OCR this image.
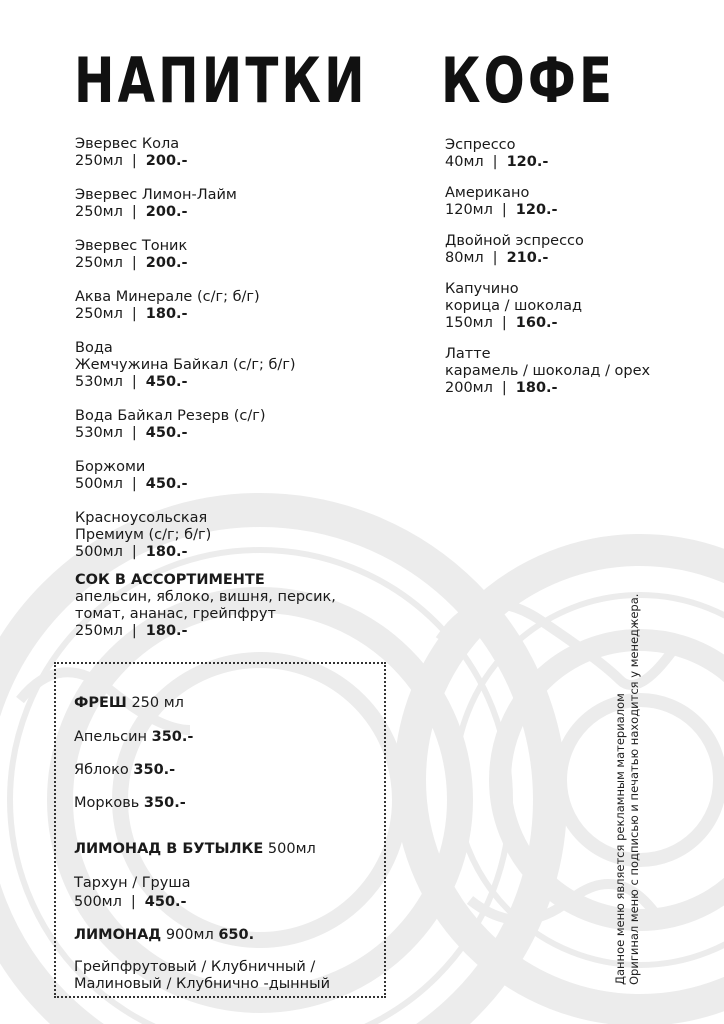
НАПИТКИ КОФЕ
Эвервес Кола
250мл | 200.-
Эвервес Лимон-Лайм
250мл | 200.-
Эвервес Тоник
250мл | 200.-
Аква Минерале (с/г; б/г)
250мл | 180.-
Вода
Жемчужина Байкал (с/г; б/г)
530мл | 450.-
Вода Байкал Резерв (с/г)
530мл | 450.-
Боржоми
500мл | 450.-
Красноусольская
Премиум (с/г; б/г)
500мл | 180.-
СОК В АССОРТИМЕНТЕ
апельсин, яблоко, вишня, персик,
томат, ананас, грейпфрут
250мл | 180.-
Эспрессо
40мл | 120.-
Американо
120мл | 120.-
Двойной эспрессо
80мл | 210.-
Капучино
корица / шоколад
150мл | 160.-
Латте
карамель / шоколад / орех
200мл | 180.-
ФРЕШ 250 мл
Апельсин 350.-
Яблоко 350.-
Морковь 350.-
ЛИМОНАД В БУТЫЛКЕ 500мл
Тархун / Груша
500мл | 450.-
ЛИМОНАД 900мл 650.
Грейпфрутовый / Клубничный /
Малиновый / Клубнично -дынный	Данное меню является рекламным материалом Оригинал меню с подписью и печатью находится у менеджера.
